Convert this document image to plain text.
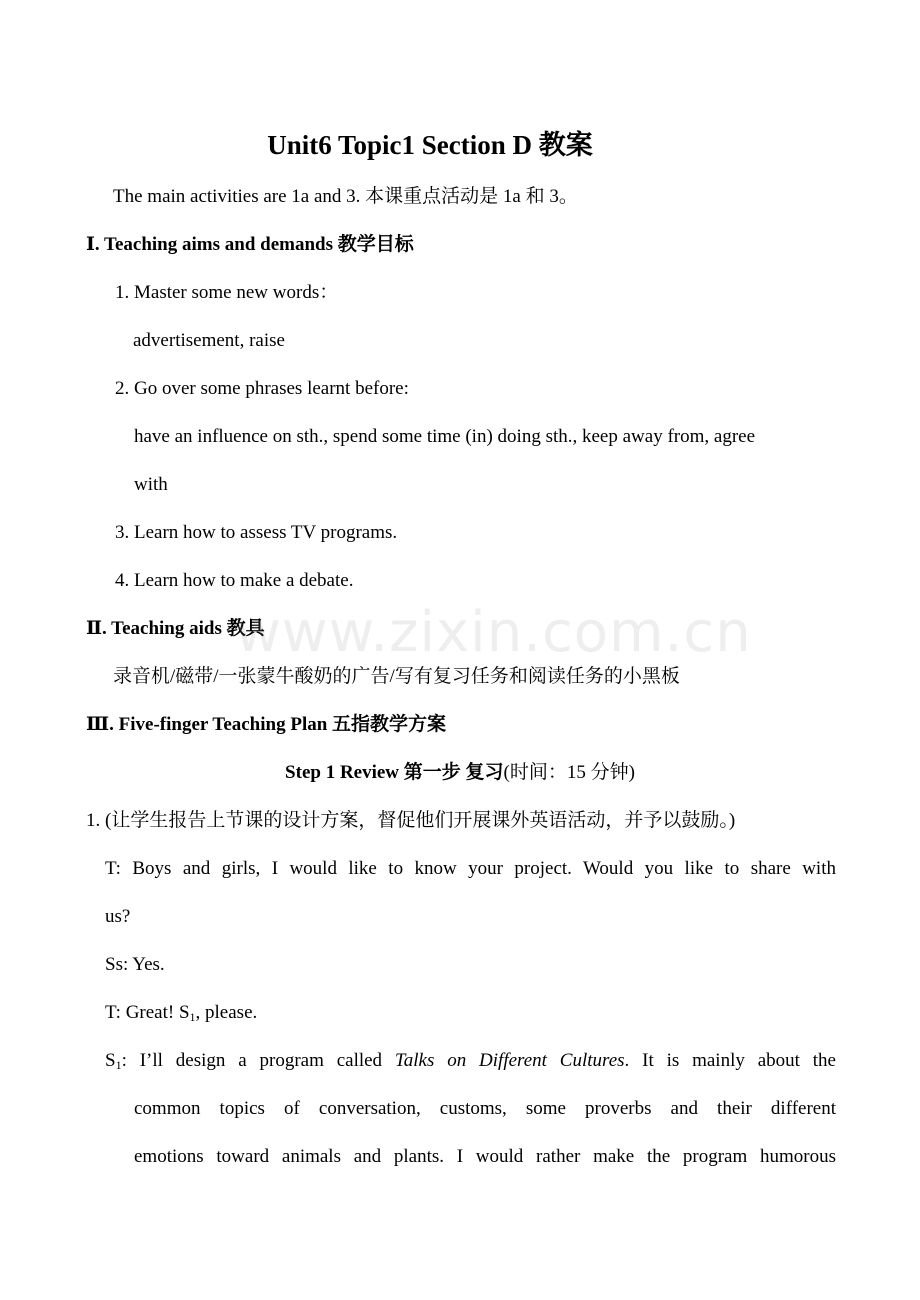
Unit6 Topic1 Section D 教案
The main activities are 1a and 3. 本课重点活动是 1a 和 3。
Ⅰ. Teaching aims and demands 教学目标
1. Master some new words：
advertisement, raise
2. Go over some phrases learnt before:
have an influence on sth., spend some time (in) doing sth., keep away from, agree
with
3. Learn how to assess TV programs.
4. Learn how to make a debate.
Ⅱ. Teaching aids 教具
录音机/磁带/一张蒙牛酸奶的广告/写有复习任务和阅读任务的小黑板
Ⅲ. Five-finger Teaching Plan 五指教学方案
Step 1 Review 第一步 复习(时间：15 分钟)
1. (让学生报告上节课的设计方案，督促他们开展课外英语活动，并予以鼓励。)
T: Boys and girls, I would like to know your project. Would you like to share with
us?
Ss: Yes.
T: Great! $S_1$, please.
$S_1$: I’ll design a program called Talks on Different Cultures. It is mainly about the
common topics of conversation, customs, some proverbs and their different
emotions toward animals and plants. I would rather make the program humorous
www.zixin.com.cn
